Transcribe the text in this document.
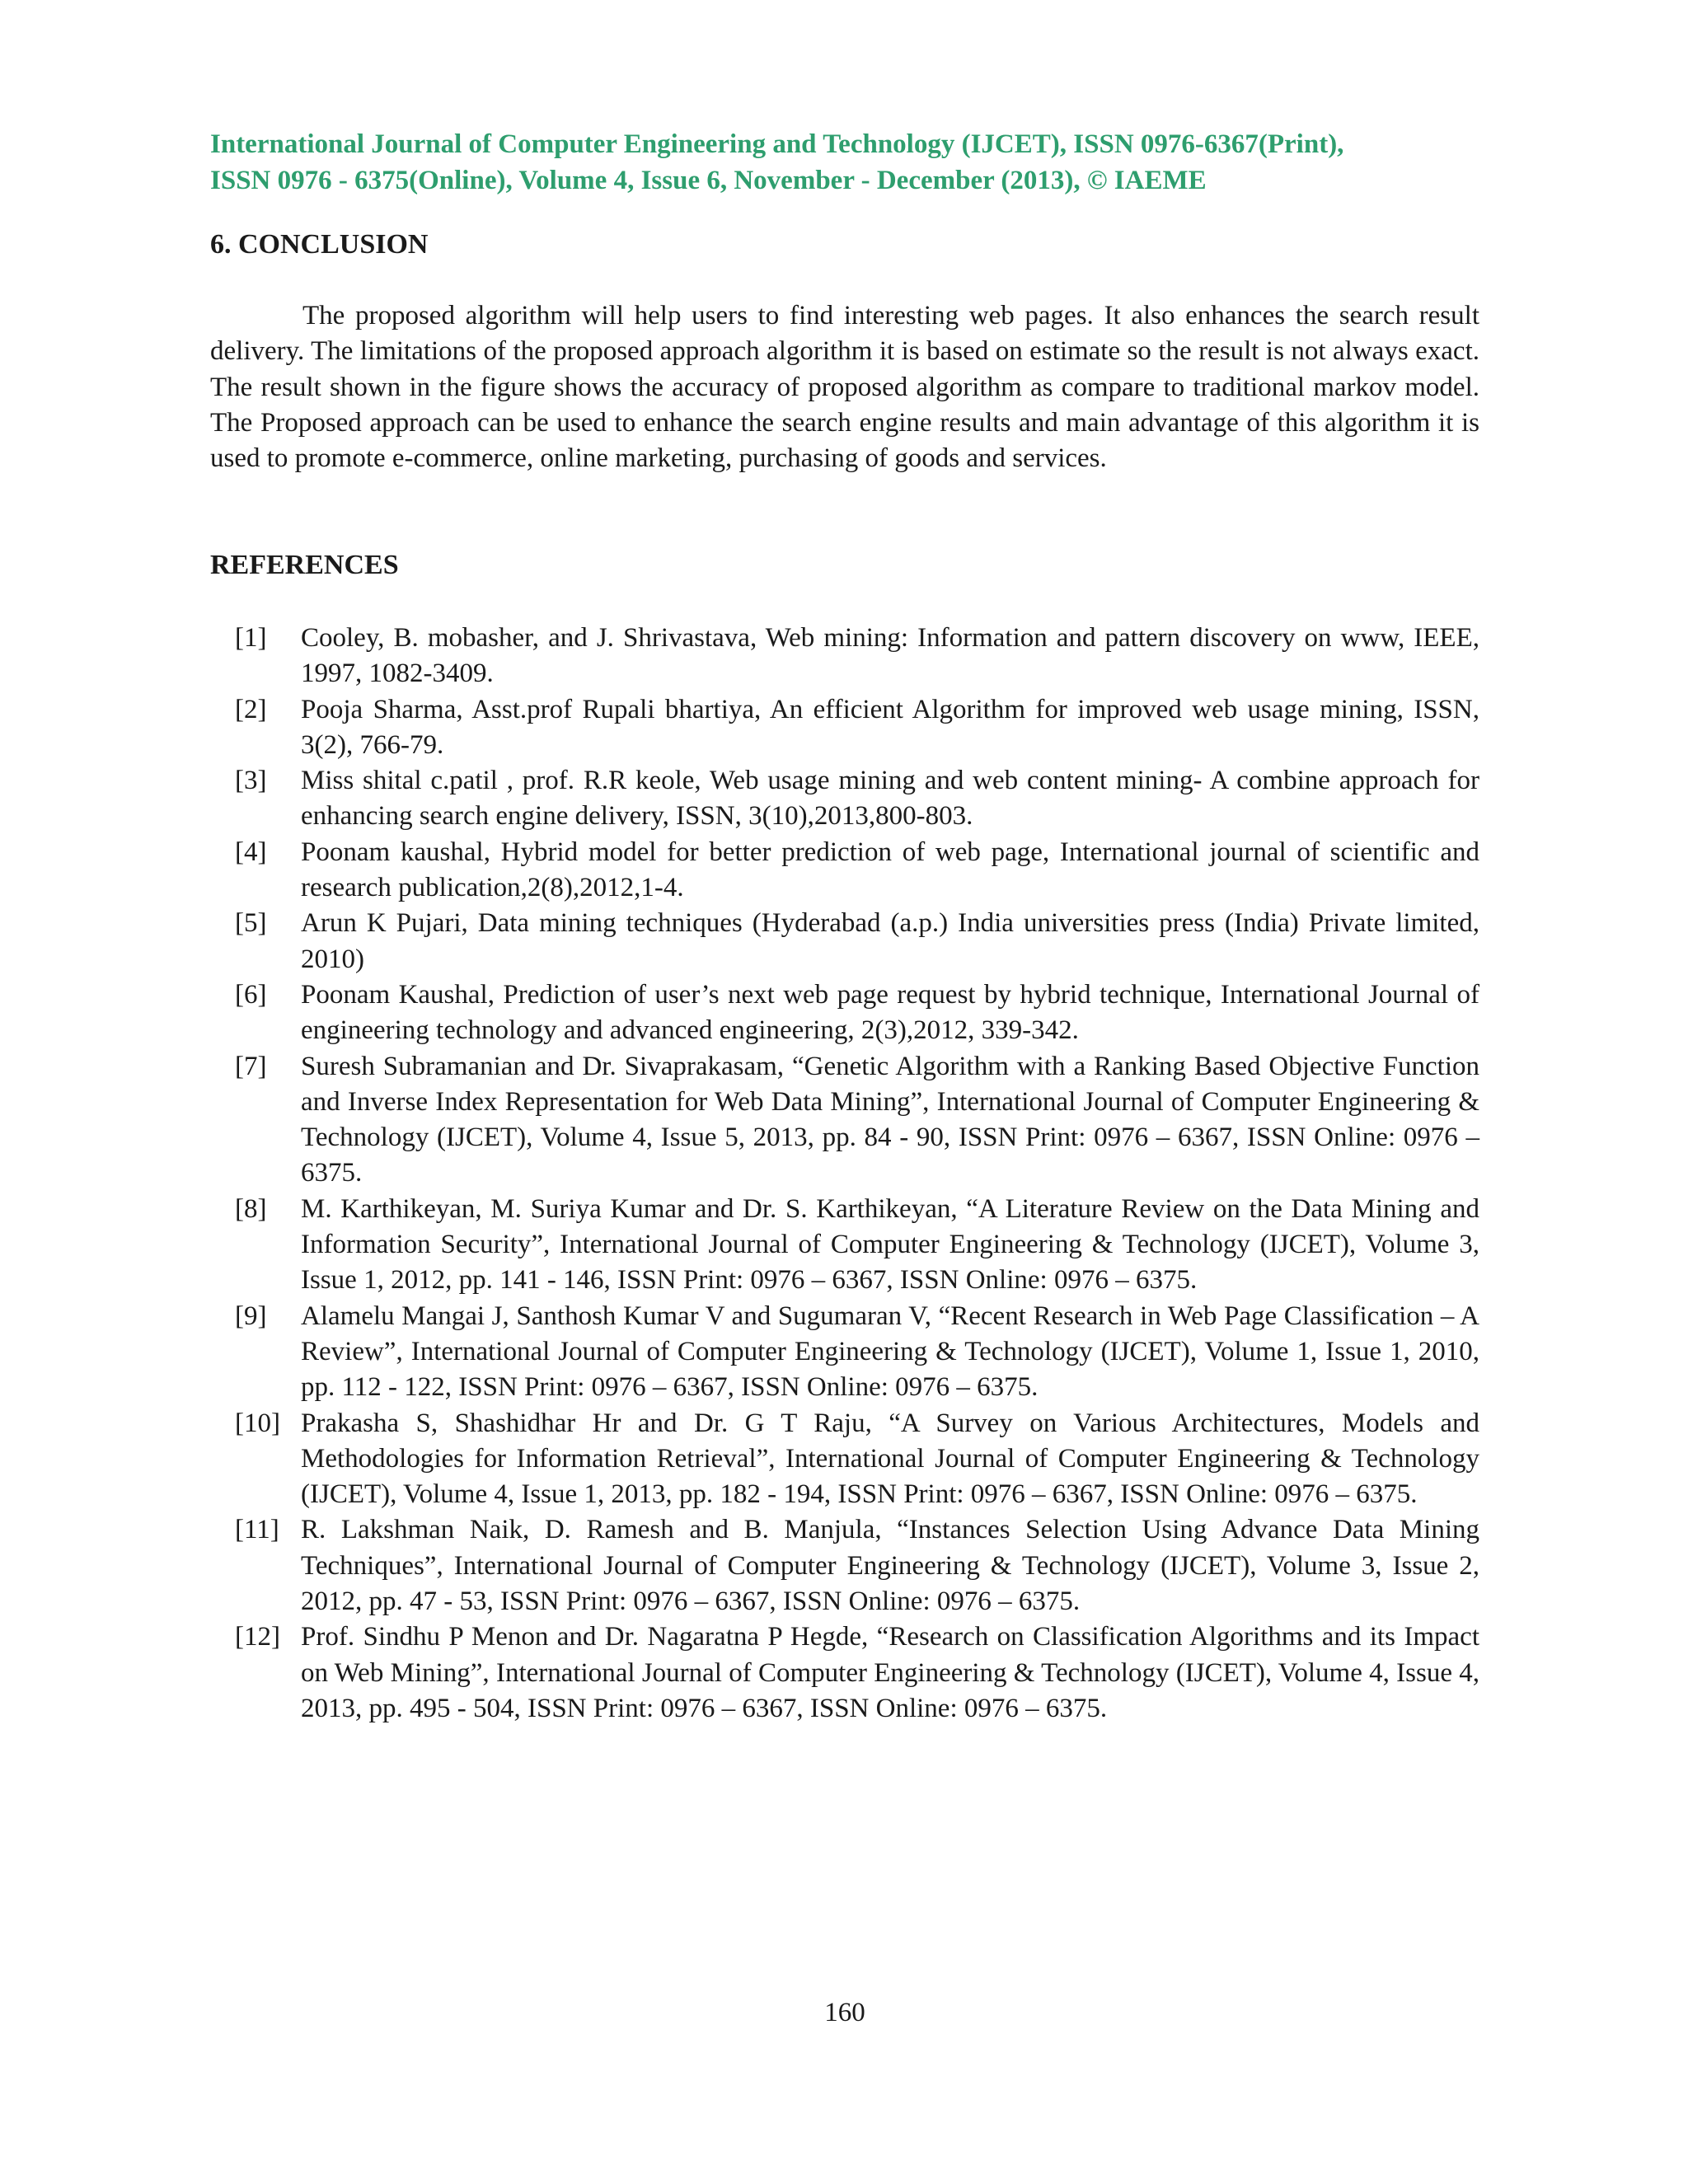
International Journal of Computer Engineering and Technology (IJCET), ISSN 0976-6367(Print),
ISSN 0976 - 6375(Online), Volume 4, Issue 6, November - December (2013), © IAEME
6. CONCLUSION

The proposed algorithm will help users to find interesting web pages. It also enhances the search result delivery. The limitations of the proposed approach algorithm it is based on estimate so the result is not always exact. The result shown in the figure shows the accuracy of proposed algorithm as compare to traditional markov model. The Proposed approach can be used to enhance the search engine results and main advantage of this algorithm it is used to promote e-commerce, online marketing, purchasing of goods and services.

REFERENCES
[1] Cooley, B. mobasher, and J. Shrivastava, Web mining: Information and pattern discovery on www, IEEE, 1997, 1082-3409.
[2] Pooja Sharma, Asst.prof Rupali bhartiya, An efficient Algorithm for improved web usage mining, ISSN, 3(2), 766-79.
[3] Miss shital c.patil , prof. R.R keole, Web usage mining and web content mining- A combine approach for enhancing search engine delivery, ISSN, 3(10),2013,800-803.
[4] Poonam kaushal, Hybrid model for better prediction of web page, International journal of scientific and research publication,2(8),2012,1-4.
[5] Arun K Pujari, Data mining techniques (Hyderabad (a.p.) India universities press (India) Private limited, 2010)
[6] Poonam Kaushal, Prediction of user’s next web page request by hybrid technique, International Journal of engineering technology and advanced engineering, 2(3),2012, 339-342.
[7] Suresh Subramanian and Dr. Sivaprakasam, “Genetic Algorithm with a Ranking Based Objective Function and Inverse Index Representation for Web Data Mining”, International Journal of Computer Engineering & Technology (IJCET), Volume 4, Issue 5, 2013, pp. 84 - 90, ISSN Print: 0976 – 6367, ISSN Online: 0976 – 6375.
[8] M. Karthikeyan, M. Suriya Kumar and Dr. S. Karthikeyan, “A Literature Review on the Data Mining and Information Security”, International Journal of Computer Engineering & Technology (IJCET), Volume 3, Issue 1, 2012, pp. 141 - 146, ISSN Print: 0976 – 6367, ISSN Online: 0976 – 6375.
[9] Alamelu Mangai J, Santhosh Kumar V and Sugumaran V, “Recent Research in Web Page Classification – A Review”, International Journal of Computer Engineering & Technology (IJCET), Volume 1, Issue 1, 2010, pp. 112 - 122, ISSN Print: 0976 – 6367, ISSN Online: 0976 – 6375.
[10] Prakasha S, Shashidhar Hr and Dr. G T Raju, “A Survey on Various Architectures, Models and Methodologies for Information Retrieval”, International Journal of Computer Engineering & Technology (IJCET), Volume 4, Issue 1, 2013, pp. 182 - 194, ISSN Print: 0976 – 6367, ISSN Online: 0976 – 6375.
[11] R. Lakshman Naik, D. Ramesh and B. Manjula, “Instances Selection Using Advance Data Mining Techniques”, International Journal of Computer Engineering & Technology (IJCET), Volume 3, Issue 2, 2012, pp. 47 - 53, ISSN Print: 0976 – 6367, ISSN Online: 0976 – 6375.
[12] Prof. Sindhu P Menon and Dr. Nagaratna P Hegde, “Research on Classification Algorithms and its Impact on Web Mining”, International Journal of Computer Engineering & Technology (IJCET), Volume 4, Issue 4, 2013, pp. 495 - 504, ISSN Print: 0976 – 6367, ISSN Online: 0976 – 6375.
160
